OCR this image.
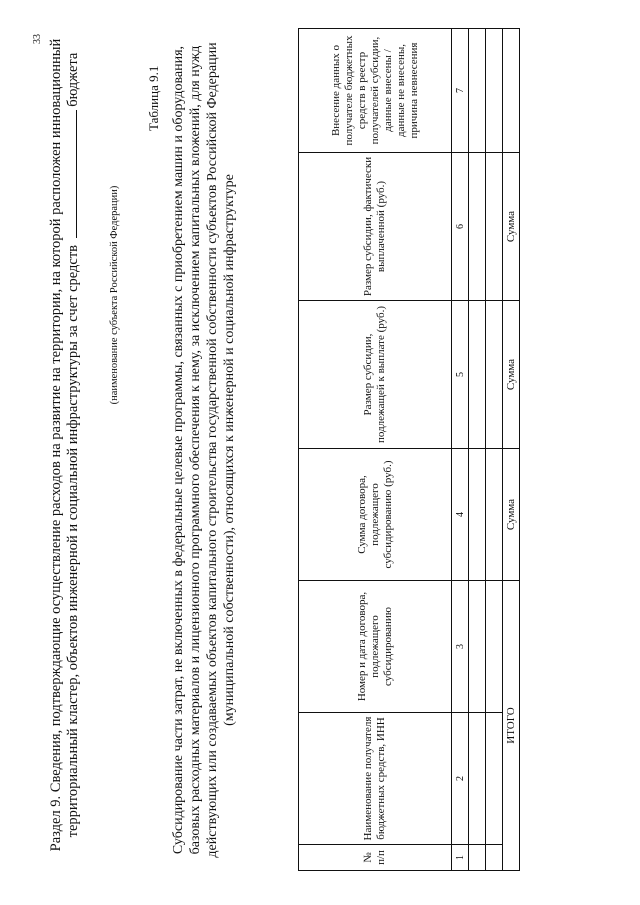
33 Раздел 9. Сведения, подтверждающие осуществление расходов на развитие на территории, на которой расположен инновационный территориальный кластер, объектов инженерной и социальной инфраструктуры за счет средств  бюджета
(наименование субъекта Российской Федерации)
Таблица 9.1 Субсидирование части затрат, не включенных в федеральные целевые программы, связанных с приобретением машин и оборудования, базовых расходных материалов и лицензионного программного обеспечения к нему, за исключением капитальных вложений, для нужд действующих или создаваемых объектов капитального строительства государственной собственности субъектов Российской Федерации (муниципальной собственности), относящихся к инженерной и социальной инфраструктуре
№ п/п	Наименование получателя бюджетных средств, ИНН	Номер и дата договора, подлежащего субсидированию	Сумма договора, подлежащего субсидированию (руб.)	Размер субсидии, подлежащей к выплате (руб.)	Размер субсидии, фактически выплаченной (руб.)	Внесение данных о получателе бюджетных средств в реестр получателей субсидии, данные внесены / данные не внесены, причина невнесения
1	2	3	4	5	6	7

ИТОГО			Сумма	Сумма	Сумма	
